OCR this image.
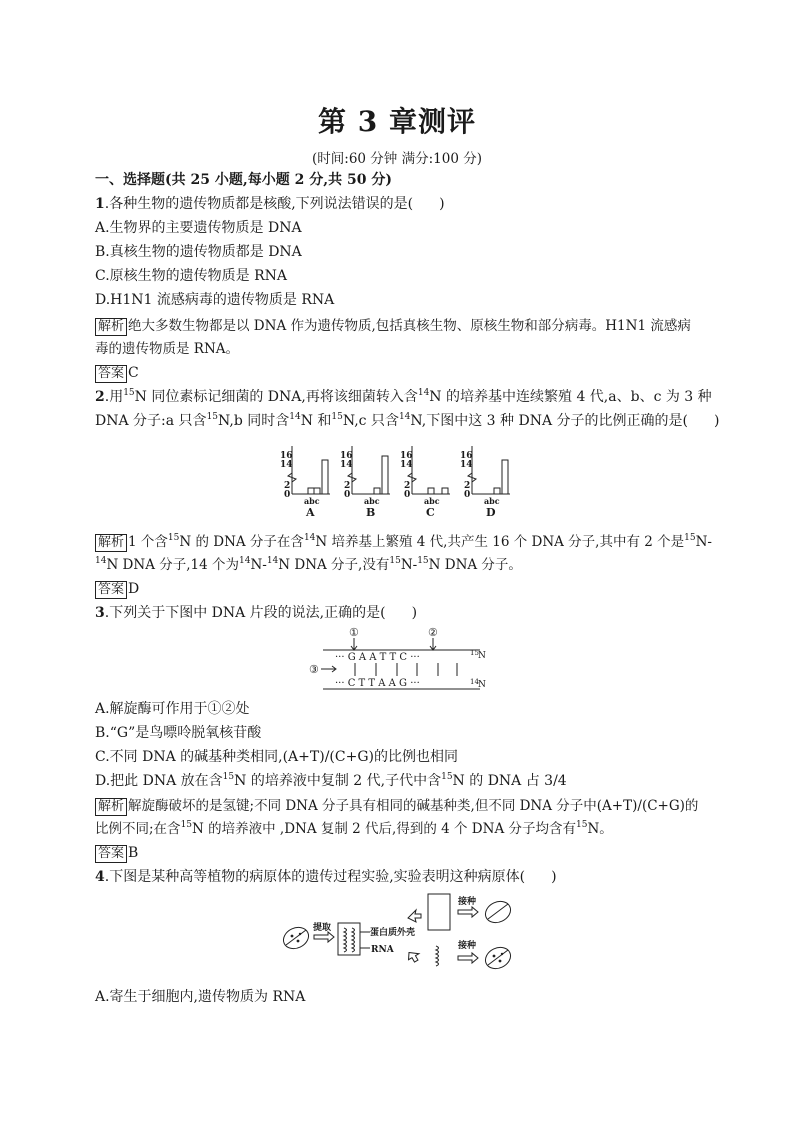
第 3 章测评
(时间:60 分钟 满分:100 分)
一、选择题(共 25 小题,每小题 2 分,共 50 分)
1.各种生物的遗传物质都是核酸,下列说法错误的是( )
A.生物界的主要遗传物质是 DNA
B.真核生物的遗传物质都是 DNA
C.原核生物的遗传物质是 RNA
D.H1N1 流感病毒的遗传物质是 RNA
解析 绝大多数生物都是以 DNA 作为遗传物质,包括真核生物、原核生物和部分病毒。H1N1 流感病
毒的遗传物质是 RNA。
答案 C
2.用$^{15}$N 同位素标记细菌的 DNA,再将该细菌转入含$^{14}$N 的培养基中连续繁殖 4 代,a、b、c 为 3 种
DNA 分子:a 只含$^{15}$N,b 同时含$^{14}$N 和$^{15}$N,c 只含$^{14}$N,下图中这 3 种 DNA 分子的比例正确的是( )
16
14
2
0
abc
A
16
14
2
0
abc
B
16
14
2
0
abc
C
16
14
2
0
abc
D
解析 1 个含$^{15}$N 的 DNA 分子在含$^{14}$N 培养基上繁殖 4 代,共产生 16 个 DNA 分子,其中有 2 个是$^{15}$N-
$^{14}$N DNA 分子,14 个为$^{14}$N-$^{14}$N DNA 分子,没有$^{15}$N-$^{15}$N DNA 分子。
答案 D
3.下列关于下图中 DNA 片段的说法,正确的是( )
①	②
··· G A A T T C ···	15 N
③
··· C T T A A G ···	14 N
A.解旋酶可作用于①②处
B.“G”是鸟嘌呤脱氧核苷酸
C.不同 DNA 的碱基种类相同,(A+T)/(C+G)的比例也相同
D.把此 DNA 放在含$^{15}$N 的培养液中复制 2 代,子代中含$^{15}$N 的 DNA 占 3/4
解析 解旋酶破坏的是氢键;不同 DNA 分子具有相同的碱基种类,但不同 DNA 分子中(A+T)/(C+G)的
比例不同;在含$^{15}$N 的培养液中 ,DNA 复制 2 代后,得到的 4 个 DNA 分子均含有$^{15}$N。
答案 B
4.下图是某种高等植物的病原体的遗传过程实验,实验表明这种病原体( )
提取	蛋白质外壳
RNA
接种
接种
A.寄生于细胞内,遗传物质为 RNA
